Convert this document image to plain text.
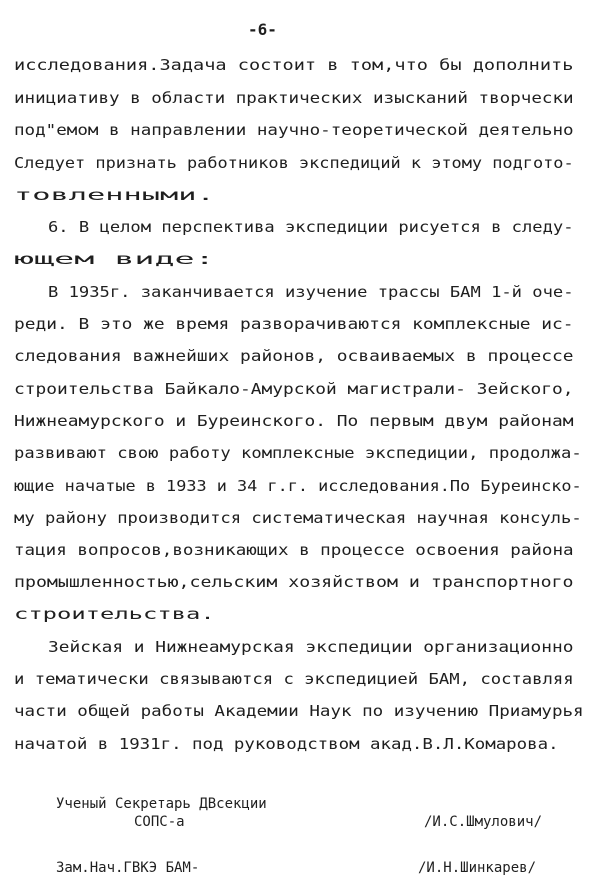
-6-
исследования.Задача состоит в том,что бы дополнить
инициативу в области практических изысканий творчески
под"емом в направлении научно-теоретической деятельно
Следует признать работников экспедиций к этому подгото-
товленными.
6. В целом перспектива экспедиции рисуется в следу-
ющем виде:
В 1935г. заканчивается изучение трассы БАМ 1-й оче-
реди. В это же время разворачиваются комплексные ис-
следования важнейших районов, осваиваемых в процессе
строительства Байкало-Амурской магистрали- Зейского,
Нижнеамурского и Буреинского. По первым двум районам
развивают свою работу комплексные экспедиции, продолжа-
ющие начатые в 1933 и 34 г.г. исследования.По Буреинско-
му району производится систематическая научная консуль-
тация вопросов,возникающих в процессе освоения района
промышленностью,сельским хозяйством и транспортного
строительства.
Зейская и Нижнеамурская экспедиции организационно
и тематически связываются с экспедицией БАМ, составляя
части общей работы Академии Наук по изучению Приамурья
начатой в 1931г. под руководством акад.В.Л.Комарова.
Ученый Секретарь ДВсекции
СОПС-а	/И.С.Шмулович/
Зам.Нач.ГВКЭ БАМ-	/И.Н.Шинкарев/
